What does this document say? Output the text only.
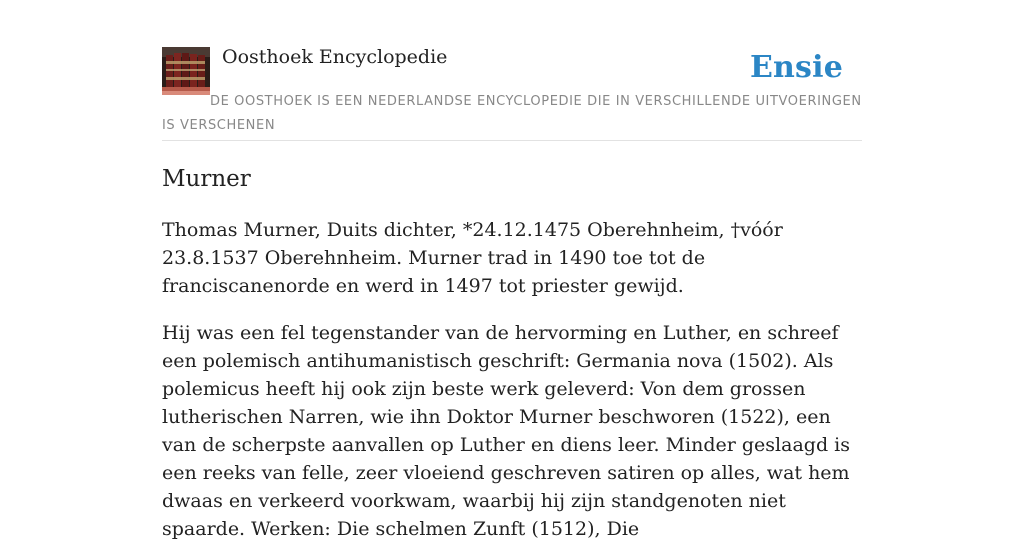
Oosthoek Encyclopedie	Ensie
DE OOSTHOEK IS EEN NEDERLANDSE ENCYCLOPEDIE DIE IN VERSCHILLENDE UITVOERINGEN IS VERSCHENEN
Murner

Thomas Murner, Duits dichter, *24.12.1475 Oberehnheim, †vóór 23.8.1537 Oberehnheim. Murner trad in 1490 toe tot de franciscanenorde en werd in 1497 tot priester gewijd.

Hij was een fel tegenstander van de hervorming en Luther, en schreef een polemisch antihumanistisch geschrift: Germania nova (1502). Als polemicus heeft hij ook zijn beste werk geleverd: Von dem grossen lutherischen Narren, wie ihn Doktor Murner beschworen (1522), een van de scherpste aanvallen op Luther en diens leer. Minder geslaagd is een reeks van felle, zeer vloeiend geschreven satiren op alles, wat hem dwaas en verkeerd voorkwam, waarbij hij zijn standgenoten niet spaarde. Werken: Die schelmen Zunft (1512), Die
